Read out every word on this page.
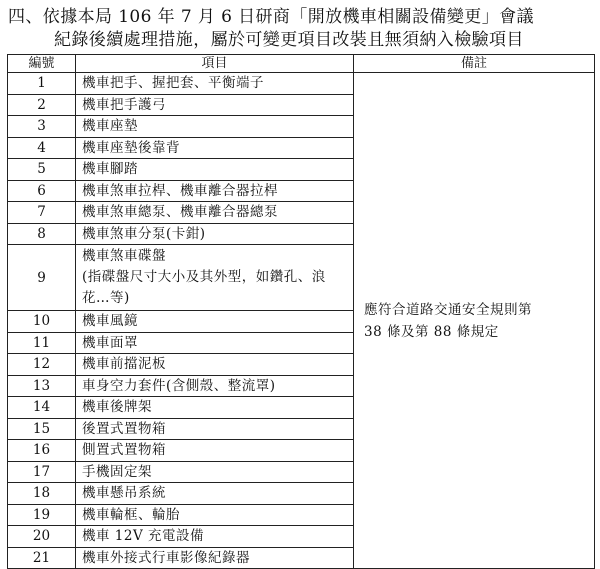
四、依據本局 106 年 7 月 6 日研商「開放機車相關設備變更」會議
紀錄後續處理措施，屬於可變更項目改裝且無須納入檢驗項目
編號	項目	備註
1	機車把手、握把套、平衡端子	應符合道路交通安全規則第
38 條及第 88 條規定

2	機車把手護弓	

3	機車座墊	

4	機車座墊後靠背	

5	機車腳踏	

6	機車煞車拉桿、機車離合器拉桿	

7	機車煞車總泵、機車離合器總泵	

8	機車煞車分泵(卡鉗)	

9	機車煞車碟盤
(指碟盤尺寸大小及其外型，如鑽孔、浪
花…等)	

10	機車風鏡	

11	機車面罩	

12	機車前擋泥板	

13	車身空力套件(含側殼、整流罩)	

14	機車後牌架	

15	後置式置物箱	

16	側置式置物箱	

17	手機固定架	

18	機車懸吊系統	

19	機車輪框、輪胎	

20	機車 12V 充電設備	

21	機車外接式行車影像紀錄器	
